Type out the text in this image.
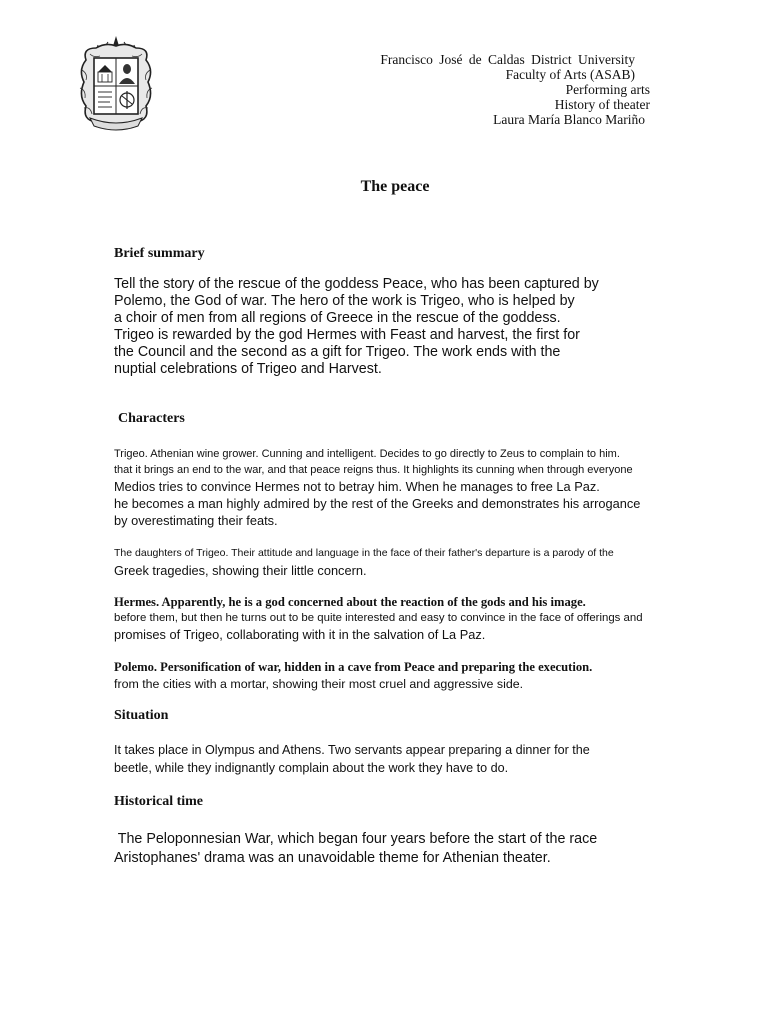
Francisco José de Caldas District University
Faculty of Arts (ASAB)
Performing arts
History of theater
Laura María Blanco Mariño
The peace
Brief summary

Tell the story of the rescue of the goddess Peace, who has been captured by
Polemo, the God of war. The hero of the work is Trigeo, who is helped by
a choir of men from all regions of Greece in the rescue of the goddess.
Trigeo is rewarded by the god Hermes with Feast and harvest, the first for
the Council and the second as a gift for Trigeo. The work ends with the
nuptial celebrations of Trigeo and Harvest.

Characters

Trigeo. Athenian wine grower. Cunning and intelligent. Decides to go directly to Zeus to complain to him.
that it brings an end to the war, and that peace reigns thus. It highlights its cunning when through everyone
Medios tries to convince Hermes not to betray him. When he manages to free La Paz.
he becomes a man highly admired by the rest of the Greeks and demonstrates his arrogance
by overestimating their feats.

The daughters of Trigeo. Their attitude and language in the face of their father's departure is a parody of the
Greek tragedies, showing their little concern.

Hermes. Apparently, he is a god concerned about the reaction of the gods and his image.
before them, but then he turns out to be quite interested and easy to convince in the face of offerings and
promises of Trigeo, collaborating with it in the salvation of La Paz.

Polemo. Personification of war, hidden in a cave from Peace and preparing the execution.
from the cities with a mortar, showing their most cruel and aggressive side.

Situation

It takes place in Olympus and Athens. Two servants appear preparing a dinner for the
beetle, while they indignantly complain about the work they have to do.

Historical time

The Peloponnesian War, which began four years before the start of the race
Aristophanes' drama was an unavoidable theme for Athenian theater.
